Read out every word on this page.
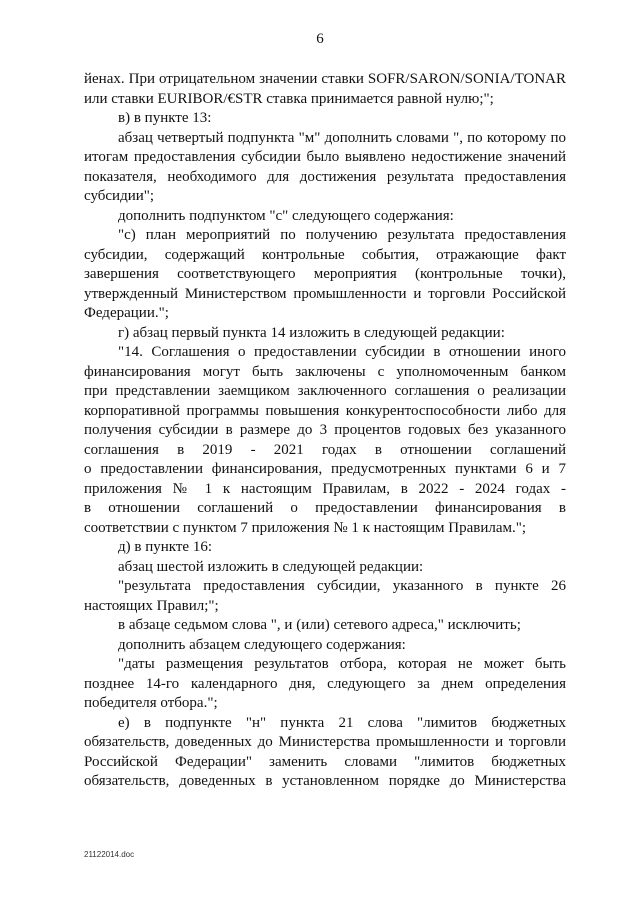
6
йенах. При отрицательном значении ставки SOFR/SARON/SONIA/TONAR
или ставки EURIBOR/€STR ставка принимается равной нулю;";
в) в пункте 13:
абзац четвертый подпункта "м" дополнить словами ", по которому по
итогам предоставления субсидии было выявлено недостижение значений
показателя, необходимого для достижения результата предоставления
субсидии";
дополнить подпунктом "с" следующего содержания:
"с) план мероприятий по получению результата предоставления
субсидии, содержащий контрольные события, отражающие факт
завершения соответствующего мероприятия (контрольные точки),
утвержденный Министерством промышленности и торговли Российской
Федерации.";
г) абзац первый пункта 14 изложить в следующей редакции:
"14. Соглашения о предоставлении субсидии в отношении иного
финансирования могут быть заключены с уполномоченным банком
при представлении заемщиком заключенного соглашения о реализации
корпоративной программы повышения конкурентоспособности либо для
получения субсидии в размере до 3 процентов годовых без указанного
соглашения в 2019 - 2021 годах в отношении соглашений
о предоставлении финансирования, предусмотренных пунктами 6 и 7
приложения № 1 к настоящим Правилам, в 2022 - 2024 годах -
в отношении соглашений о предоставлении финансирования в
соответствии с пунктом 7 приложения № 1 к настоящим Правилам.";
д) в пункте 16:
абзац шестой изложить в следующей редакции:
"результата предоставления субсидии, указанного в пункте 26
настоящих Правил;";
в абзаце седьмом слова ", и (или) сетевого адреса," исключить;
дополнить абзацем следующего содержания:
"даты размещения результатов отбора, которая не может быть
позднее 14-го календарного дня, следующего за днем определения
победителя отбора.";
е) в подпункте "н" пункта 21 слова "лимитов бюджетных
обязательств, доведенных до Министерства промышленности и торговли
Российской Федерации" заменить словами "лимитов бюджетных
обязательств, доведенных в установленном порядке до Министерства
21122014.doc
